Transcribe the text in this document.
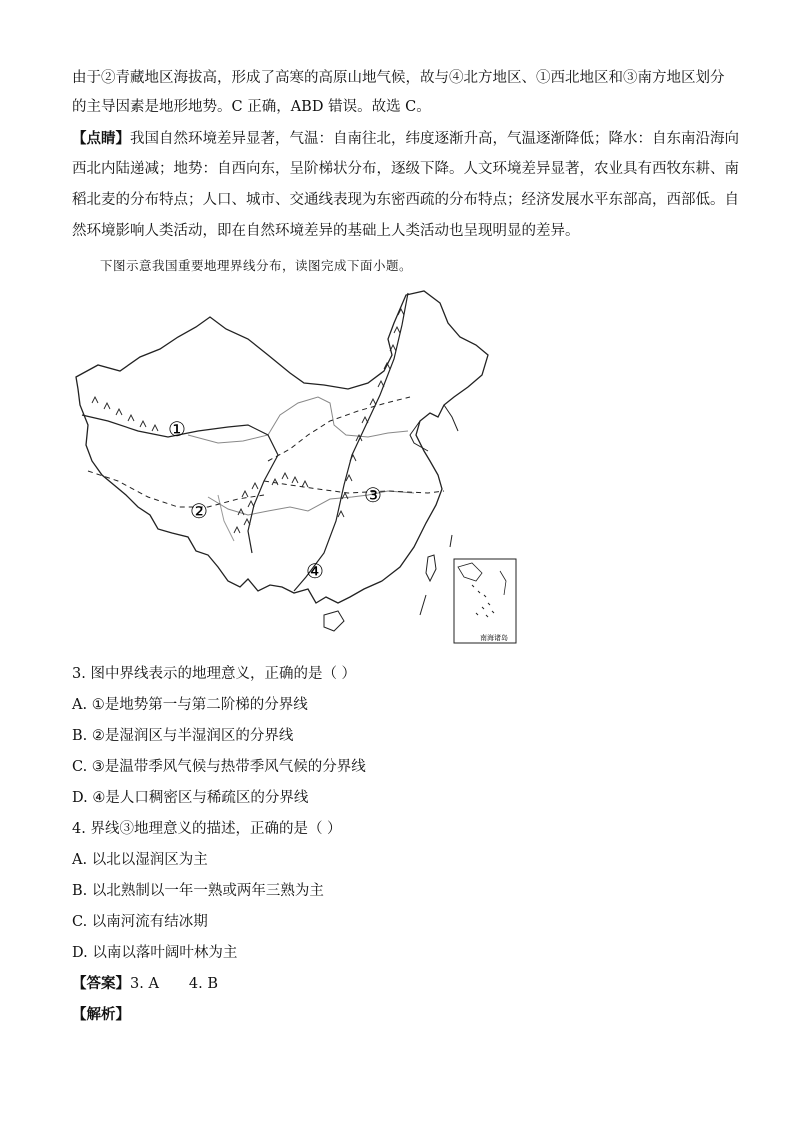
由于②青藏地区海拔高，形成了高寒的高原山地气候，故与④北方地区、①西北地区和③南方地区划分
的主导因素是地形地势。C 正确，ABD 错误。故选 C。
【点睛】我国自然环境差异显著，气温：自南往北，纬度逐渐升高，气温逐渐降低；降水：自东南沿海向
西北内陆递减；地势：自西向东，呈阶梯状分布，逐级下降。人文环境差异显著，农业具有西牧东耕、南
稻北麦的分布特点；人口、城市、交通线表现为东密西疏的分布特点；经济发展水平东部高，西部低。自
然环境影响人类活动，即在自然环境差异的基础上人类活动也呈现明显的差异。
下图示意我国重要地理界线分布，读图完成下面小题。
①
②
③
④
南海诸岛
3. 图中界线表示的地理意义，正确的是（ ）
A. ①是地势第一与第二阶梯的分界线
B. ②是湿润区与半湿润区的分界线
C. ③是温带季风气候与热带季风气候的分界线
D. ④是人口稠密区与稀疏区的分界线
4. 界线③地理意义的描述，正确的是（ ）
A. 以北以湿润区为主
B. 以北熟制以一年一熟或两年三熟为主
C. 以南河流有结冰期
D. 以南以落叶阔叶林为主
【答案】3. A 4. B
【解析】
